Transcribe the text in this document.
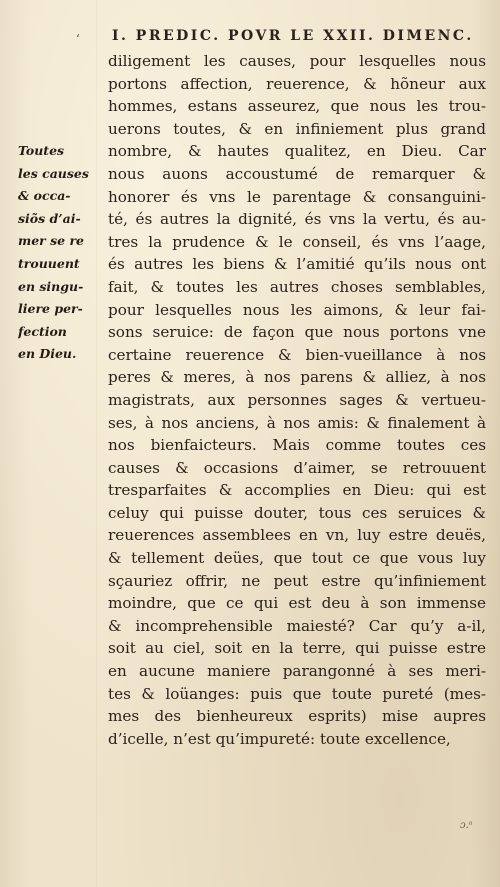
‘ I. PREDIC. POVR LE XXII. DIMENC.
Toutes
les causes
& occa-
siõs d’ai-
mer se re
trouuent
en singu-
liere per-
fection
en Dieu.
diligement les causes, pour lesquelles nous
portons affection, reuerence, & hõneur aux
hommes, estans asseurez, que nous les trou-
uerons toutes, & en infiniement plus grand
nombre, & hautes qualitez, en Dieu. Car
nous auons accoustumé de remarquer &
honorer és vns le parentage & consanguini-
té, és autres la dignité, és vns la vertu, és au-
tres la prudence & le conseil, és vns l’aage,
és autres les biens & l’amitié qu’ils nous ont
fait, & toutes les autres choses semblables,
pour lesquelles nous les aimons, & leur fai-
sons seruice: de façon que nous portons vne
certaine reuerence & bien-vueillance à nos
peres & meres, à nos parens & alliez, à nos
magistrats, aux personnes sages & vertueu-
ses, à nos anciens, à nos amis: & finalement à
nos bienfaicteurs. Mais comme toutes ces
causes & occasions d’aimer, se retrouuent
tresparfaites & accomplies en Dieu: qui est
celuy qui puisse douter, tous ces seruices &
reuerences assemblees en vn, luy estre deuës,
& tellement deües, que tout ce que vous luy
sçauriez offrir, ne peut estre qu’infiniement
moindre, que ce qui est deu à son immense
& incomprehensible maiesté? Car qu’y a-il,
soit au ciel, soit en la terre, qui puisse estre
en aucune maniere parangonné à ses meri-
tes & loüanges: puis que toute pureté (mes-
mes des bienheureux esprits) mise aupres
d’icelle, n’est qu’impureté: toute excellence,
ɔ.ᵃ
